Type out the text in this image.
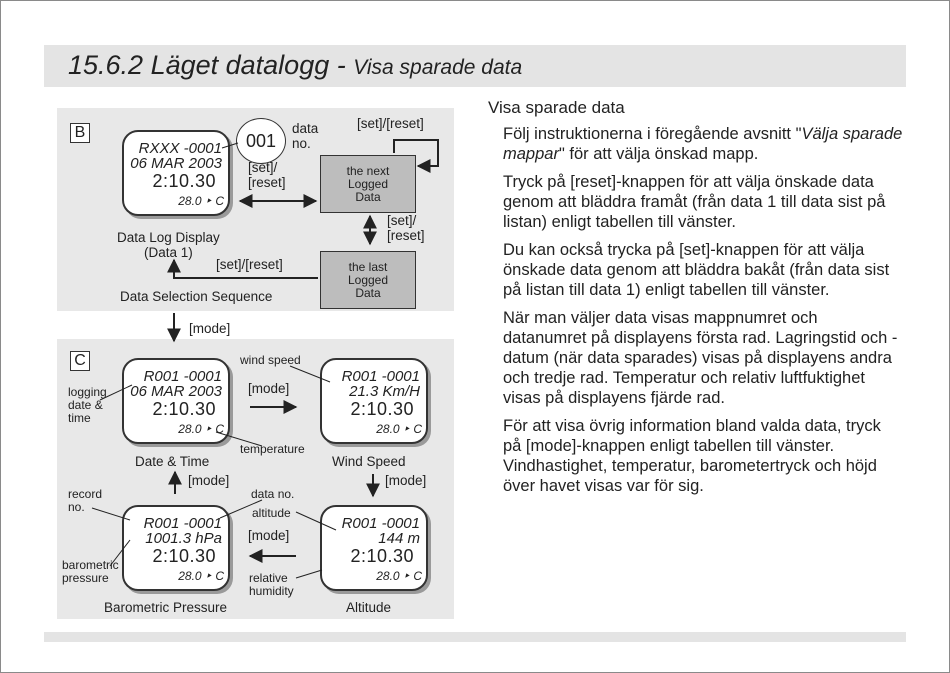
15.6.2 Läget datalogg - Visa sparade data
B
RXXX -0001
06 MAR 2003
2:10.30
28.0 ‣ C
001
data
no.
[set]/
[reset]
[set]/[reset]
the next
Logged
Data
[set]/
[reset]
the last
Logged
Data
Data Log Display
(Data 1)
[set]/[reset]
Data Selection Sequence
[mode]
C
R001 -0001
06 MAR 2003
2:10.30
28.0 ‣ C
R001 -0001
21.3 Km/H
2:10.30
28.0 ‣ C
R001 -0001
1001.3 hPa
2:10.30
28.0 ‣ C
R001 -0001
144 m
2:10.30
28.0 ‣ C
logging
date &
time
wind speed
[mode]
temperature
Date & Time	Wind Speed
[mode]	[mode]
record
no.
data no.
altitude
[mode]
barometric
pressure	relative
humidity
Barometric Pressure	Altitude
Visa sparade data

Följ instruktionerna i föregående avsnitt "Välja sparade mappar" för att välja önskad mapp.

Tryck på [reset]-knappen för att välja önskade data genom att bläddra framåt (från data 1 till data sist på listan) enligt tabellen till vänster.

Du kan också trycka på [set]-knappen för att välja önskade data genom att bläddra bakåt (från data sist på listan till data 1) enligt tabellen till vänster.

När man väljer data visas mappnumret och datanumret på displayens första rad. Lagringstid och -datum (när data sparades) visas på displayens andra och tredje rad. Temperatur och relativ luftfuktighet visas på displayens fjärde rad.

För att visa övrig information bland valda data, tryck på [mode]-knappen enligt tabellen till vänster. Vindhastighet, temperatur, barometertryck och höjd över havet visas var för sig.
